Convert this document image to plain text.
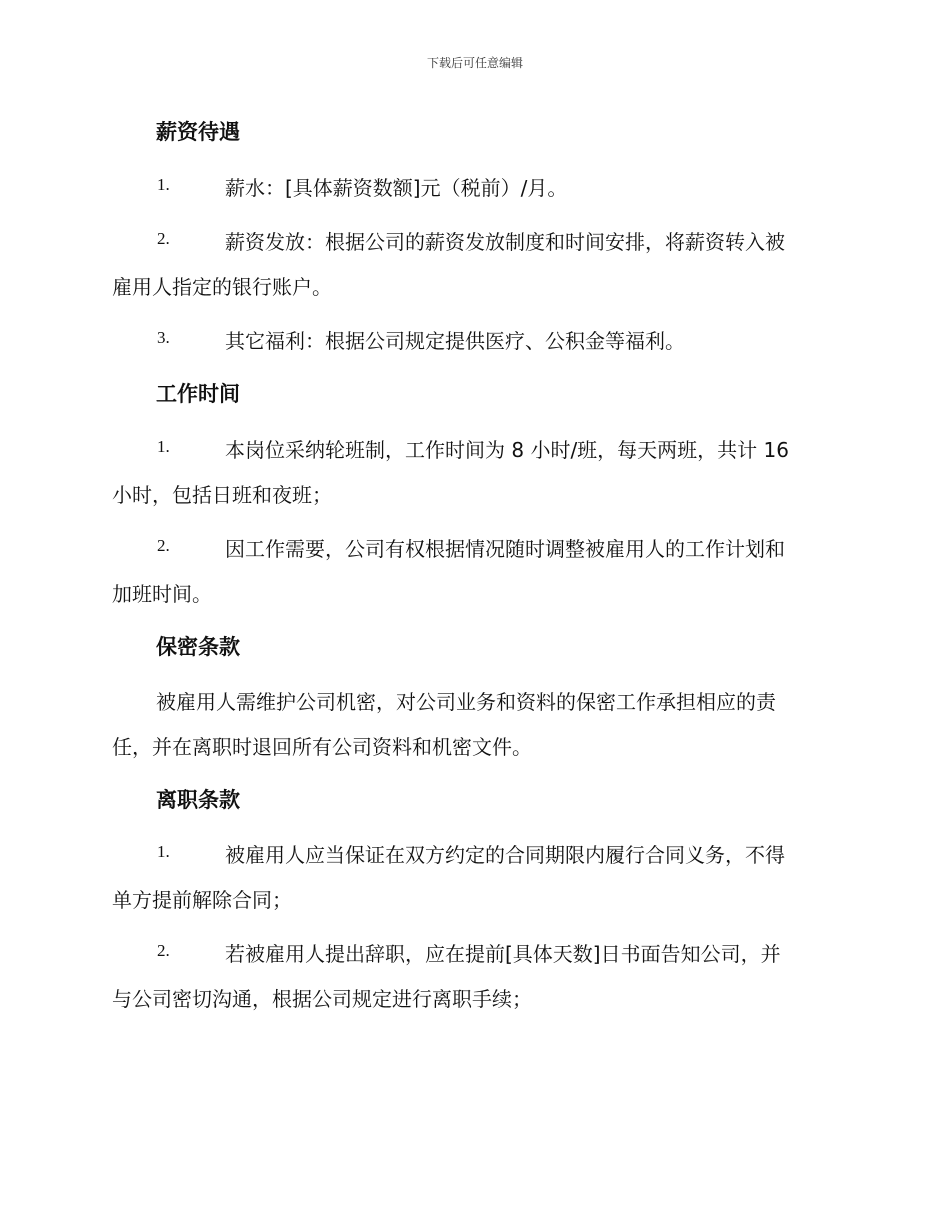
下载后可任意编辑
薪资待遇
1.	薪水：[具体薪资数额]元（税前）/月。
2.	薪资发放：根据公司的薪资发放制度和时间安排，将薪资转入被
雇用人指定的银行账户。
3.	其它福利：根据公司规定提供医疗、公积金等福利。
工作时间
1.	本岗位采纳轮班制，工作时间为 8 小时/班，每天两班，共计 16
小时，包括日班和夜班；
2.	因工作需要，公司有权根据情况随时调整被雇用人的工作计划和
加班时间。
保密条款
被雇用人需维护公司机密，对公司业务和资料的保密工作承担相应的责
任，并在离职时退回所有公司资料和机密文件。
离职条款
1.	被雇用人应当保证在双方约定的合同期限内履行合同义务，不得
单方提前解除合同；
2.	若被雇用人提出辞职，应在提前[具体天数]日书面告知公司，并
与公司密切沟通，根据公司规定进行离职手续；
